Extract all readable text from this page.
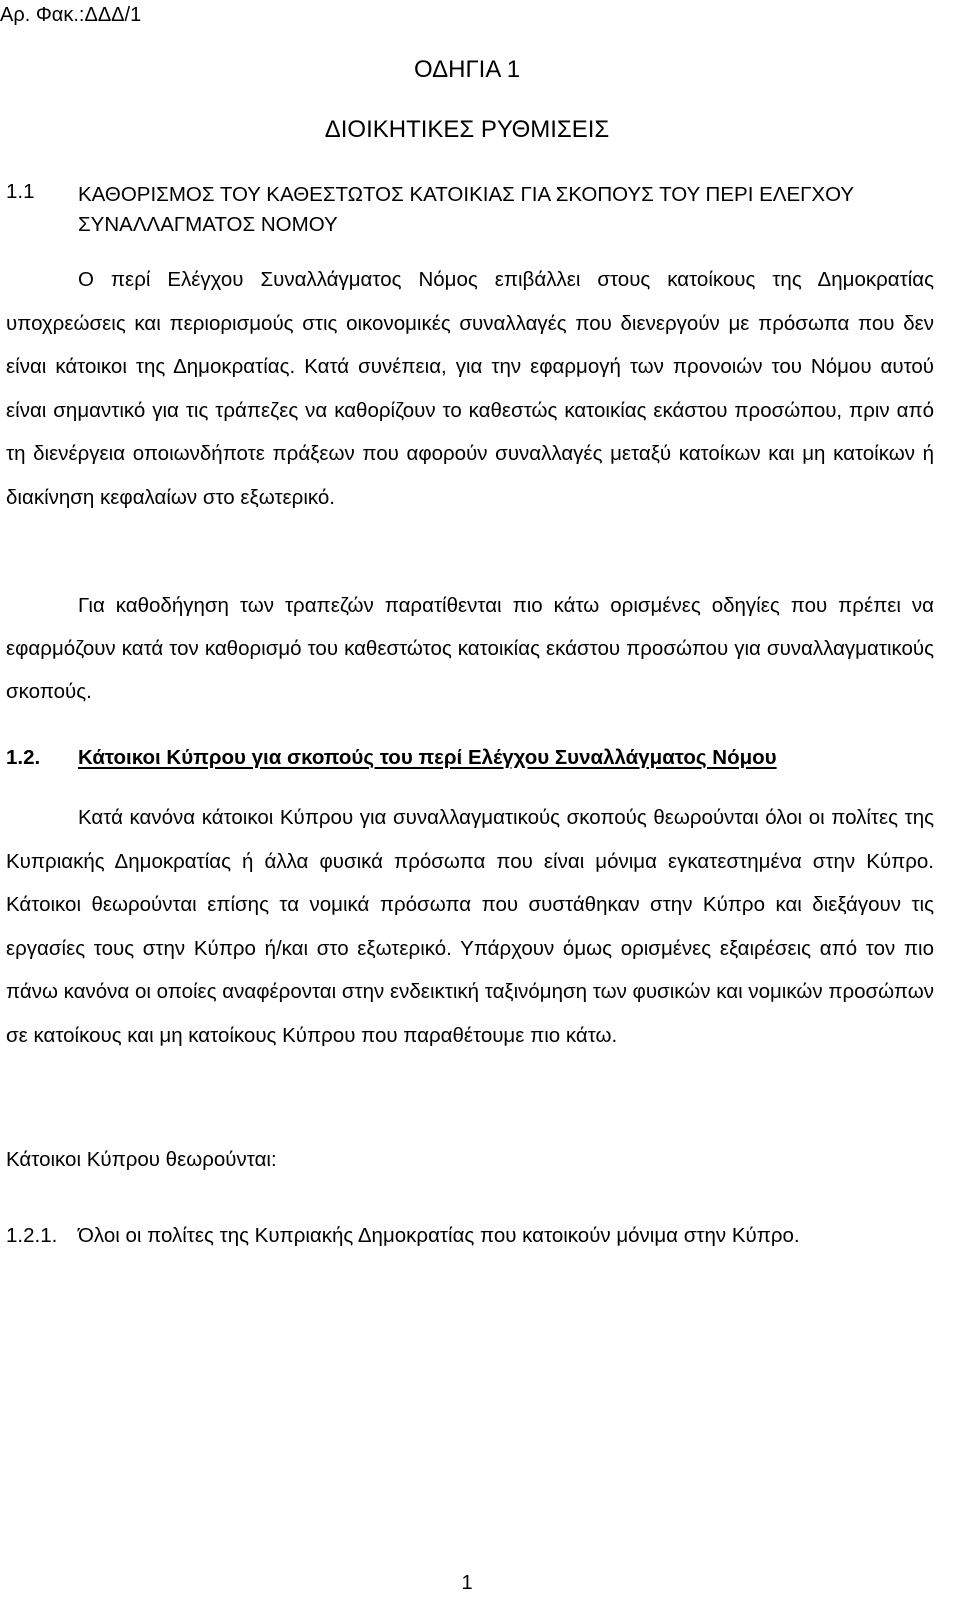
Αρ. Φακ.:ΔΔΔ/1
ΟΔΗΓΙΑ 1
ΔΙΟΙΚΗΤΙΚΕΣ ΡΥΘΜΙΣΕΙΣ
1.1 ΚΑΘΟΡΙΣΜΟΣ ΤΟΥ ΚΑΘΕΣΤΩΤΟΣ ΚΑΤΟΙΚΙΑΣ ΓΙΑ ΣΚΟΠΟΥΣ ΤΟΥ ΠΕΡΙ ΕΛΕΓΧΟΥ ΣΥΝΑΛΛΑΓΜΑΤΟΣ ΝΟΜΟΥ

Ο περί Ελέγχου Συναλλάγματος Νόμος επιβάλλει στους κατοίκους της Δημοκρατίας υποχρεώσεις και περιορισμούς στις οικονομικές συναλλαγές που διενεργούν με πρόσωπα που δεν είναι κάτοικοι της Δημοκρατίας. Κατά συνέπεια, για την εφαρμογή των προνοιών του Νόμου αυτού είναι σημαντικό για τις τράπεζες να καθορίζουν το καθεστώς κατοικίας εκάστου προσώπου, πριν από τη διενέργεια οποιωνδήποτε πράξεων που αφορούν συναλλαγές μεταξύ κατοίκων και μη κατοίκων ή διακίνηση κεφαλαίων στο εξωτερικό.

Για καθοδήγηση των τραπεζών παρατίθενται πιο κάτω ορισμένες οδηγίες που πρέπει να εφαρμόζουν κατά τον καθορισμό του καθεστώτος κατοικίας εκάστου προσώπου για συναλλαγματικούς σκοπούς.

1.2. Κάτοικοι Κύπρου για σκοπούς του περί Ελέγχου Συναλλάγματος Νόμου

Κατά κανόνα κάτοικοι Κύπρου για συναλλαγματικούς σκοπούς θεωρούνται όλοι οι πολίτες της Κυπριακής Δημοκρατίας ή άλλα φυσικά πρόσωπα που είναι μόνιμα εγκατεστημένα στην Κύπρο. Κάτοικοι θεωρούνται επίσης τα νομικά πρόσωπα που συστάθηκαν στην Κύπρο και διεξάγουν τις εργασίες τους στην Κύπρο ή/και στο εξωτερικό. Υπάρχουν όμως ορισμένες εξαιρέσεις από τον πιο πάνω κανόνα οι οποίες αναφέρονται στην ενδεικτική ταξινόμηση των φυσικών και νομικών προσώπων σε κατοίκους και μη κατοίκους Κύπρου που παραθέτουμε πιο κάτω.

Κάτοικοι Κύπρου θεωρούνται:
1.2.1. Όλοι οι πολίτες της Κυπριακής Δημοκρατίας που κατοικούν μόνιμα στην Κύπρο.

1
